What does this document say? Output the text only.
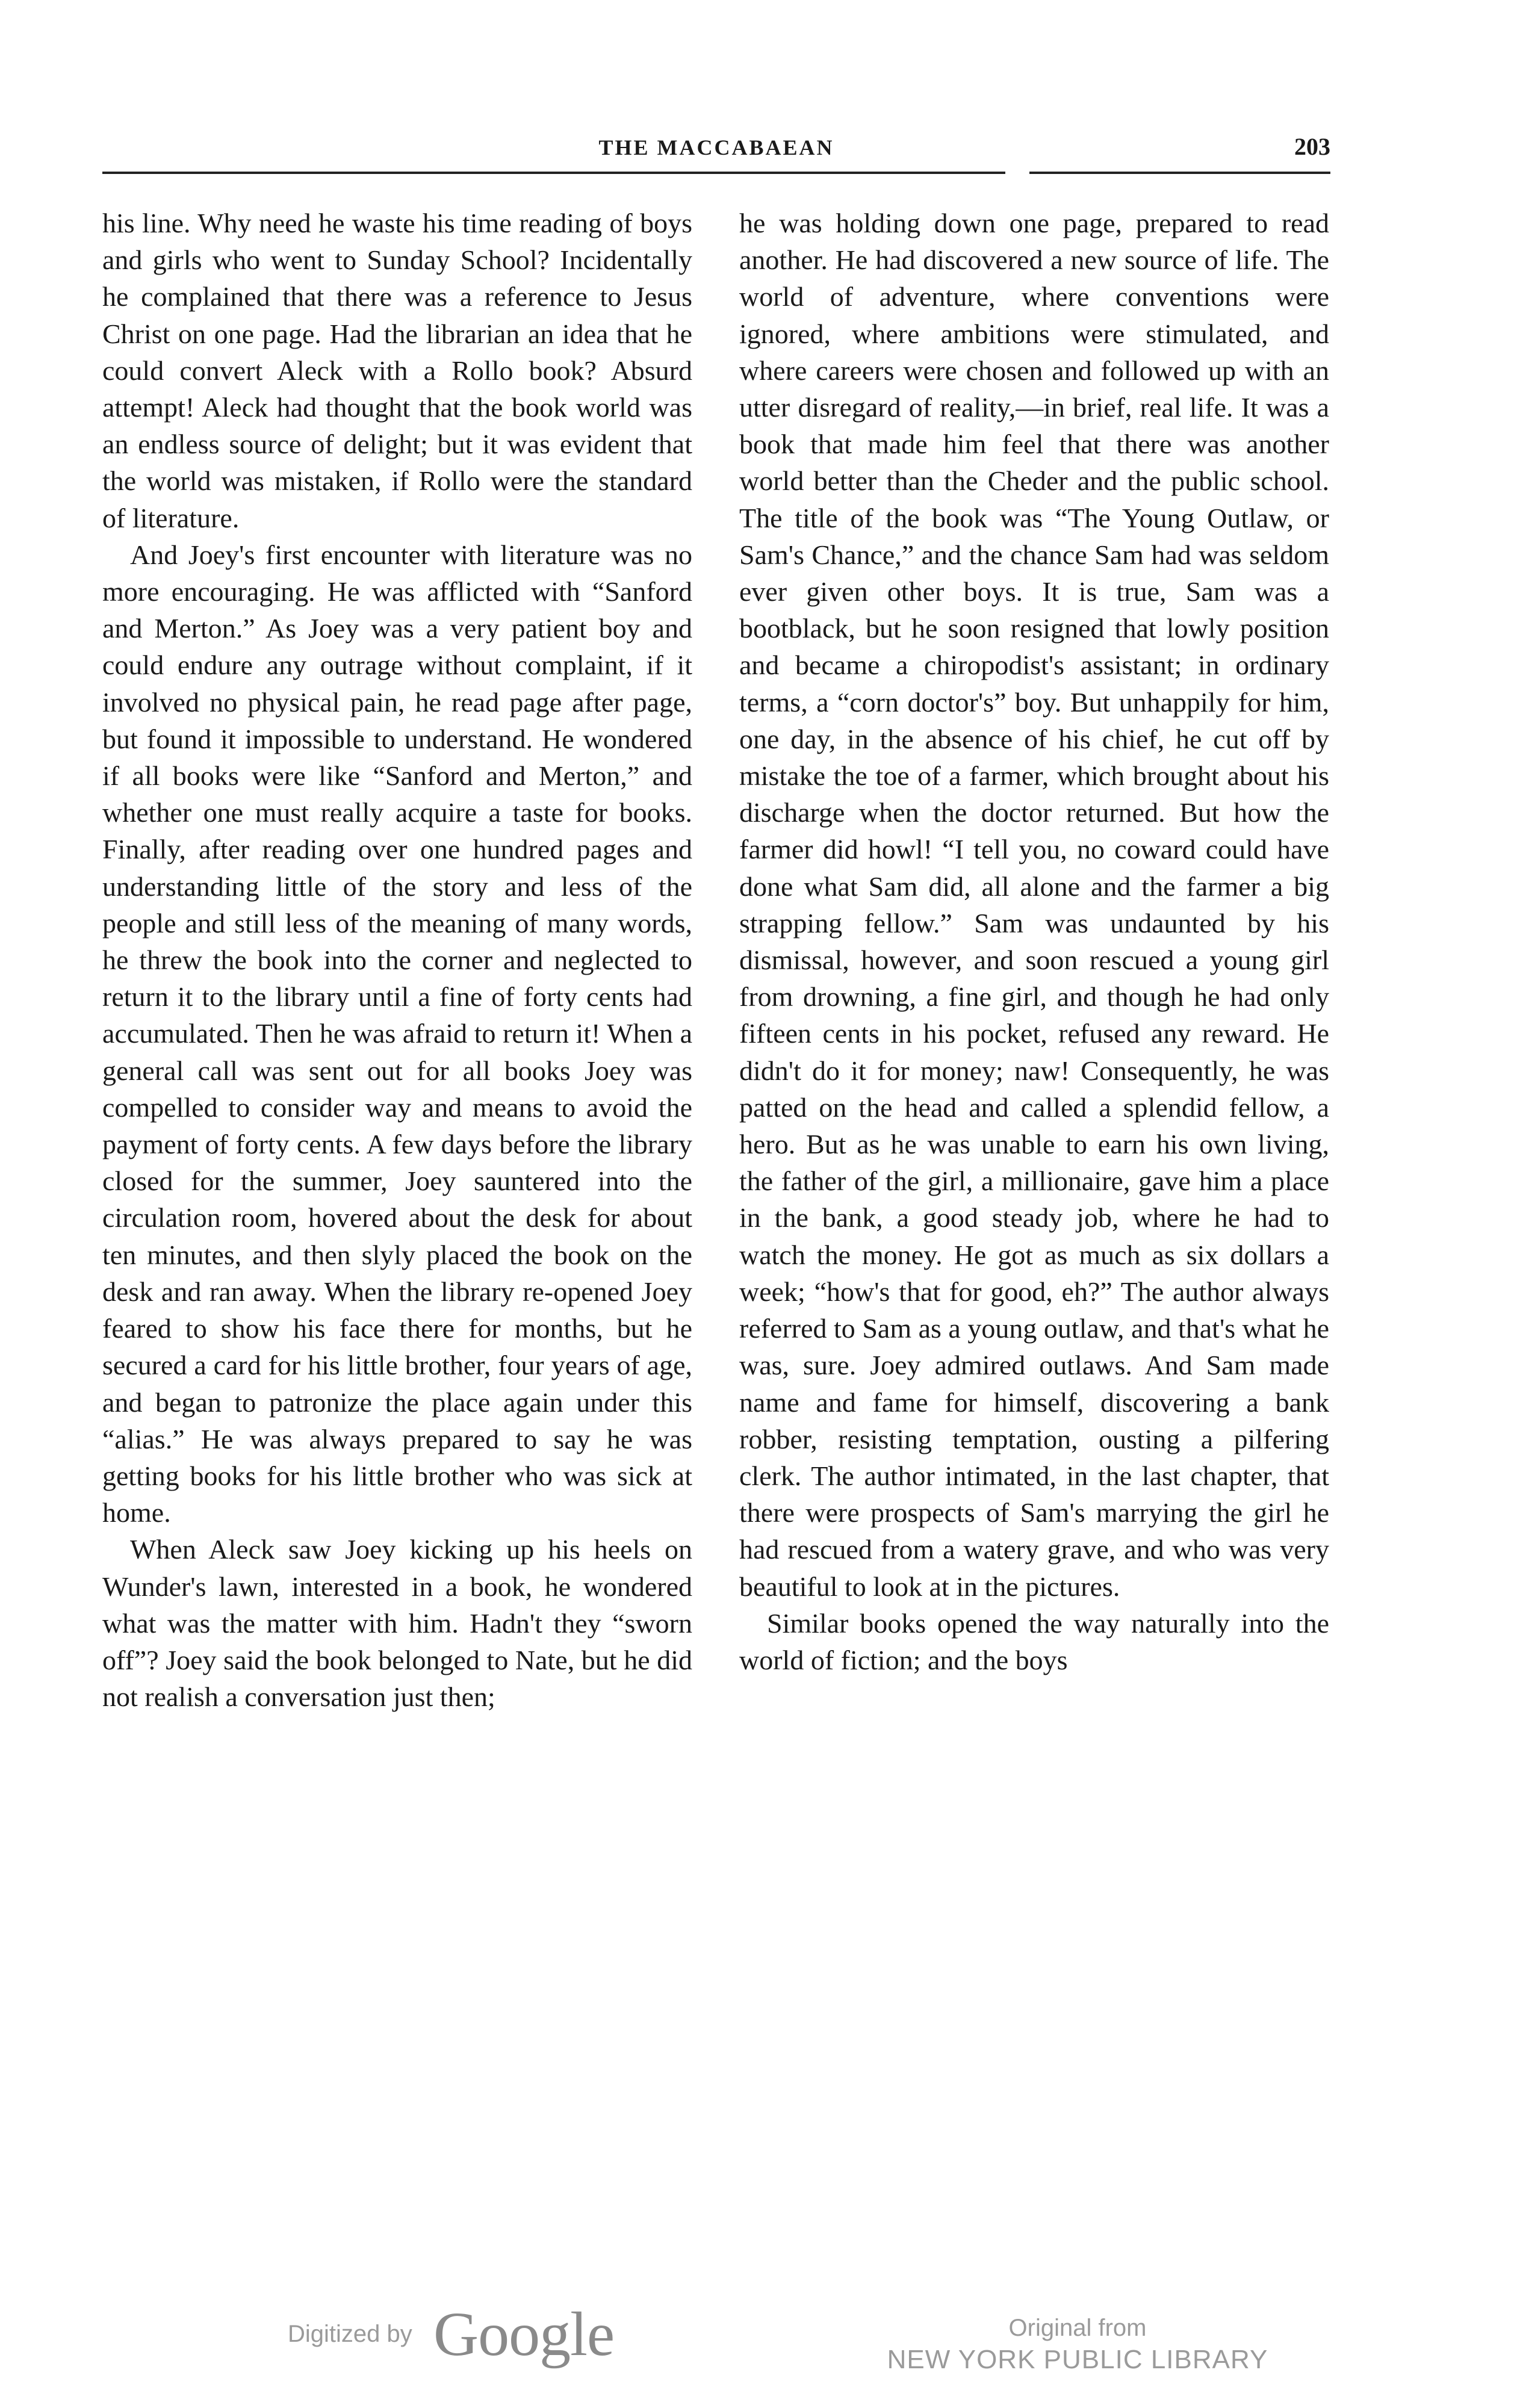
THE MACCABAEAN	203

his line. Why need he waste his time reading of boys and girls who went to Sunday School? Incidentally he complained that there was a reference to Jesus Christ on one page. Had the librarian an idea that he could convert Aleck with a Rollo book? Absurd attempt! Aleck had thought that the book world was an endless source of delight; but it was evident that the world was mistaken, if Rollo were the standard of literature.

And Joey's first encounter with literature was no more encouraging. He was afflicted with “Sanford and Merton.” As Joey was a very patient boy and could endure any outrage without complaint, if it involved no physical pain, he read page after page, but found it impossible to understand. He wondered if all books were like “Sanford and Merton,” and whether one must really acquire a taste for books. Finally, after reading over one hundred pages and understanding little of the story and less of the people and still less of the meaning of many words, he threw the book into the corner and neglected to return it to the library until a fine of forty cents had accumulated. Then he was afraid to return it! When a general call was sent out for all books Joey was compelled to consider way and means to avoid the payment of forty cents. A few days before the library closed for the summer, Joey sauntered into the circulation room, hovered about the desk for about ten minutes, and then slyly placed the book on the desk and ran away. When the library re-opened Joey feared to show his face there for months, but he secured a card for his little brother, four years of age, and began to patronize the place again under this “alias.” He was always prepared to say he was getting books for his little brother who was sick at home.

When Aleck saw Joey kicking up his heels on Wunder's lawn, interested in a book, he wondered what was the matter with him. Hadn't they “sworn off”? Joey said the book belonged to Nate, but he did not realish a conversation just then;

he was holding down one page, prepared to read another. He had discovered a new source of life. The world of adventure, where conventions were ignored, where ambitions were stimulated, and where careers were chosen and followed up with an utter disregard of reality,—in brief, real life. It was a book that made him feel that there was another world better than the Cheder and the public school. The title of the book was “The Young Outlaw, or Sam's Chance,” and the chance Sam had was seldom ever given other boys. It is true, Sam was a bootblack, but he soon resigned that lowly position and became a chiropodist's assistant; in ordinary terms, a “corn doctor's” boy. But unhappily for him, one day, in the absence of his chief, he cut off by mistake the toe of a farmer, which brought about his discharge when the doctor returned. But how the farmer did howl! “I tell you, no coward could have done what Sam did, all alone and the farmer a big strapping fellow.” Sam was undaunted by his dismissal, however, and soon rescued a young girl from drowning, a fine girl, and though he had only fifteen cents in his pocket, refused any reward. He didn't do it for money; naw! Consequently, he was patted on the head and called a splendid fellow, a hero. But as he was unable to earn his own living, the father of the girl, a millionaire, gave him a place in the bank, a good steady job, where he had to watch the money. He got as much as six dollars a week; “how's that for good, eh?” The author always referred to Sam as a young outlaw, and that's what he was, sure. Joey admired outlaws. And Sam made name and fame for himself, discovering a bank robber, resisting temptation, ousting a pilfering clerk. The author intimated, in the last chapter, that there were prospects of Sam's marrying the girl he had rescued from a watery grave, and who was very beautiful to look at in the pictures.

Similar books opened the way naturally into the world of fiction; and the boys

Digitized by Google	Original from
NEW YORK PUBLIC LIBRARY
